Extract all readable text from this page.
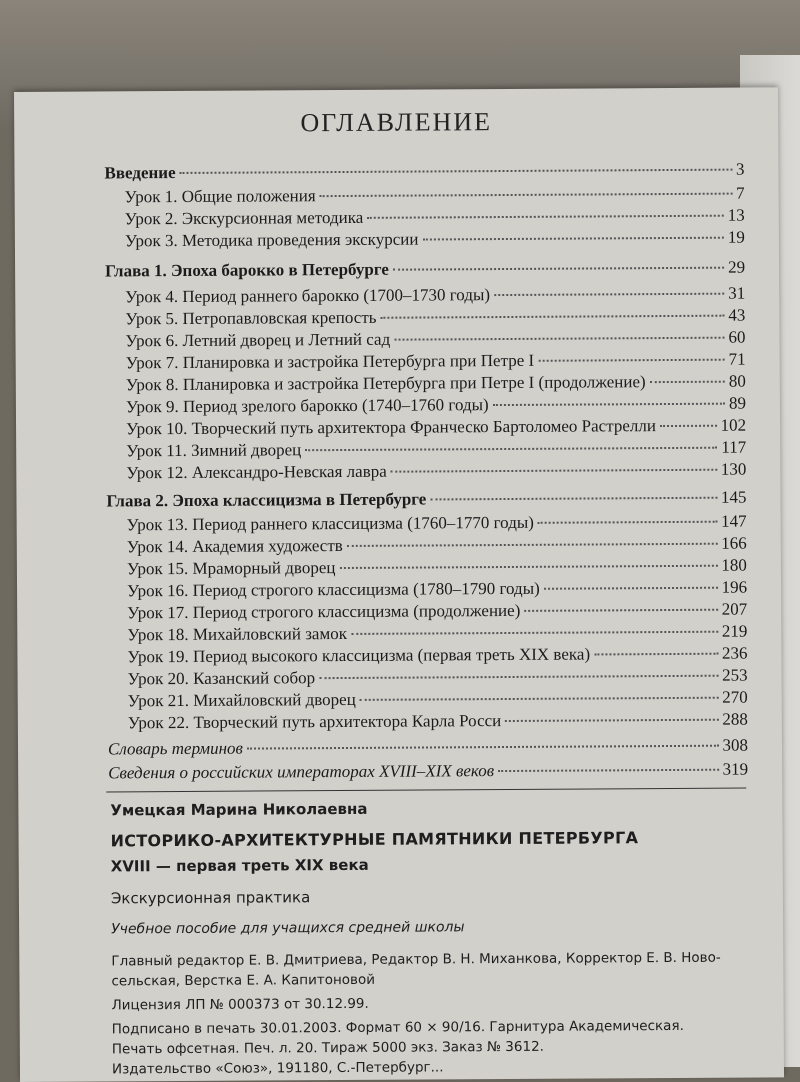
ОГЛАВЛЕНИЕ
Введение	3
Урок 1. Общие положения	7
Урок 2. Экскурсионная методика	13
Урок 3. Методика проведения экскурсии	19
Глава 1. Эпоха барокко в Петербурге	29
Урок 4. Период раннего барокко (1700–1730 годы)	31
Урок 5. Петропавловская крепость	43
Урок 6. Летний дворец и Летний сад	60
Урок 7. Планировка и застройка Петербурга при Петре I	71
Урок 8. Планировка и застройка Петербурга при Петре I (продолжение)	80
Урок 9. Период зрелого барокко (1740–1760 годы)	89
Урок 10. Творческий путь архитектора Франческо Бартоломео Растрелли	102
Урок 11. Зимний дворец	117
Урок 12. Александро-Невская лавра	130
Глава 2. Эпоха классицизма в Петербурге	145
Урок 13. Период раннего классицизма (1760–1770 годы)	147
Урок 14. Академия художеств	166
Урок 15. Мраморный дворец	180
Урок 16. Период строгого классицизма (1780–1790 годы)	196
Урок 17. Период строгого классицизма (продолжение)	207
Урок 18. Михайловский замок	219
Урок 19. Период высокого классицизма (первая треть XIX века)	236
Урок 20. Казанский собор	253
Урок 21. Михайловский дворец	270
Урок 22. Творческий путь архитектора Карла Росси	288
Словарь терминов	308
Сведения о российских императорах XVIII–XIX веков	319
Умецкая Марина Николаевна
ИСТОРИКО-АРХИТЕКТУРНЫЕ ПАМЯТНИКИ ПЕТЕРБУРГА
XVIII — первая треть XIX века
Экскурсионная практика
Учебное пособие для учащихся средней школы
Главный редактор Е. В. Дмитриева, Редактор В. Н. Миханкова, Корректор Е. В. Ново-
сельская, Верстка Е. А. Капитоновой
Лицензия ЛП № 000373 от 30.12.99.
Подписано в печать 30.01.2003. Формат 60 × 90/16. Гарнитура Академическая.
Печать офсетная. Печ. л. 20. Тираж 5000 экз. Заказ № 3612.
Издательство «Союз», 191180, С.-Петербург...
